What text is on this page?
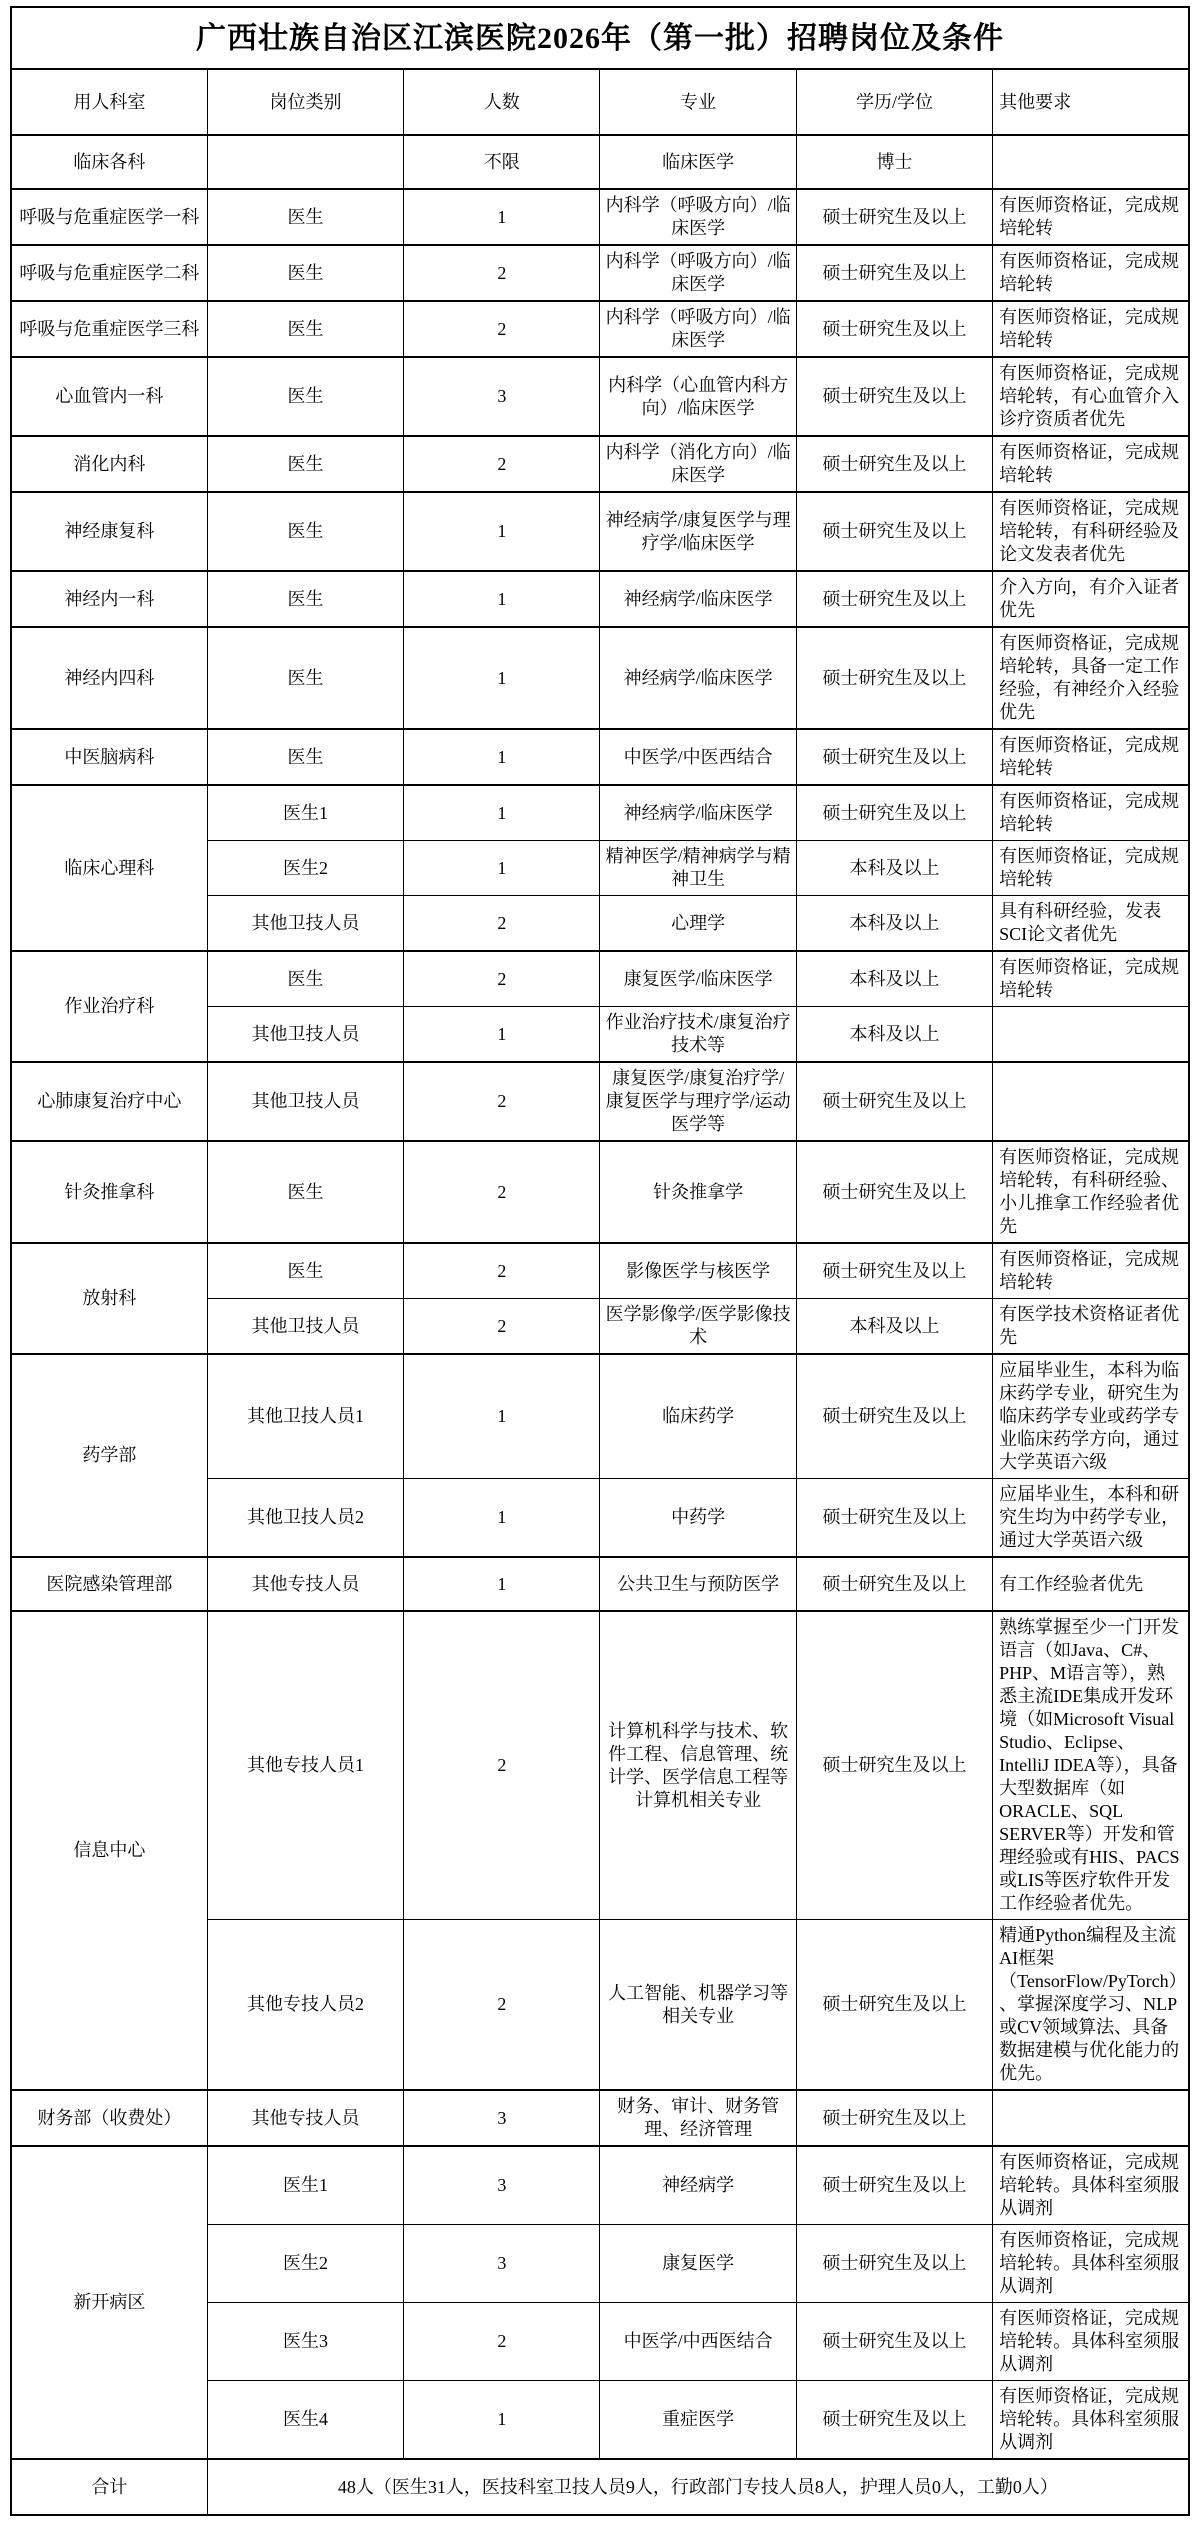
广西壮族自治区江滨医院2026年（第一批）招聘岗位及条件					
用人科室	岗位类别	人数	专业	学历/学位	其他要求
临床各科		不限	临床医学	博士	
呼吸与危重症医学一科	医生	1	内科学（呼吸方向）/临床医学	硕士研究生及以上	有医师资格证，完成规培轮转
呼吸与危重症医学二科	医生	2	内科学（呼吸方向）/临床医学	硕士研究生及以上	有医师资格证，完成规培轮转
呼吸与危重症医学三科	医生	2	内科学（呼吸方向）/临床医学	硕士研究生及以上	有医师资格证，完成规培轮转
心血管内一科	医生	3	内科学（心血管内科方向）/临床医学	硕士研究生及以上	有医师资格证，完成规培轮转，有心血管介入诊疗资质者优先
消化内科	医生	2	内科学（消化方向）/临床医学	硕士研究生及以上	有医师资格证，完成规培轮转
神经康复科	医生	1	神经病学/康复医学与理疗学/临床医学	硕士研究生及以上	有医师资格证，完成规培轮转，有科研经验及论文发表者优先
神经内一科	医生	1	神经病学/临床医学	硕士研究生及以上	介入方向，有介入证者优先
神经内四科	医生	1	神经病学/临床医学	硕士研究生及以上	有医师资格证，完成规培轮转，具备一定工作经验，有神经介入经验优先
中医脑病科	医生	1	中医学/中医西结合	硕士研究生及以上	有医师资格证，完成规培轮转
临床心理科	医生1	1	神经病学/临床医学	硕士研究生及以上	有医师资格证，完成规培轮转
	医生2	1	精神医学/精神病学与精神卫生	本科及以上	有医师资格证，完成规培轮转
	其他卫技人员	2	心理学	本科及以上	具有科研经验，发表SCI论文者优先
作业治疗科	医生	2	康复医学/临床医学	本科及以上	有医师资格证，完成规培轮转
	其他卫技人员	1	作业治疗技术/康复治疗技术等	本科及以上	
心肺康复治疗中心	其他卫技人员	2	康复医学/康复治疗学/康复医学与理疗学/运动医学等	硕士研究生及以上	
针灸推拿科	医生	2	针灸推拿学	硕士研究生及以上	有医师资格证，完成规培轮转，有科研经验、小儿推拿工作经验者优先
放射科	医生	2	影像医学与核医学	硕士研究生及以上	有医师资格证，完成规培轮转
	其他卫技人员	2	医学影像学/医学影像技术	本科及以上	有医学技术资格证者优先
药学部	其他卫技人员1	1	临床药学	硕士研究生及以上	应届毕业生，本科为临床药学专业，研究生为临床药学专业或药学专业临床药学方向，通过大学英语六级
	其他卫技人员2	1	中药学	硕士研究生及以上	应届毕业生，本科和研究生均为中药学专业，通过大学英语六级
医院感染管理部	其他专技人员	1	公共卫生与预防医学	硕士研究生及以上	有工作经验者优先
信息中心	其他专技人员1	2	计算机科学与技术、软件工程、信息管理、统计学、医学信息工程等计算机相关专业	硕士研究生及以上	熟练掌握至少一门开发语言（如Java、C#、PHP、M语言等），熟悉主流IDE集成开发环境（如Microsoft Visual Studio、Eclipse、IntelliJ IDEA等），具备大型数据库（如ORACLE、SQL SERVER等）开发和管理经验或有HIS、PACS或LIS等医疗软件开发工作经验者优先。
	其他专技人员2	2	人工智能、机器学习等相关专业	硕士研究生及以上	精通Python编程及主流AI框架（TensorFlow/PyTorch）、掌握深度学习、NLP或CV领域算法、具备数据建模与优化能力的优先。
财务部（收费处）	其他专技人员	3	财务、审计、财务管理、经济管理	硕士研究生及以上	
新开病区	医生1	3	神经病学	硕士研究生及以上	有医师资格证，完成规培轮转。具体科室须服从调剂
	医生2	3	康复医学	硕士研究生及以上	有医师资格证，完成规培轮转。具体科室须服从调剂
	医生3	2	中医学/中西医结合	硕士研究生及以上	有医师资格证，完成规培轮转。具体科室须服从调剂
	医生4	1	重症医学	硕士研究生及以上	有医师资格证，完成规培轮转。具体科室须服从调剂
合计	48人（医生31人，医技科室卫技人员9人，行政部门专技人员8人，护理人员0人，工勤0人）				
